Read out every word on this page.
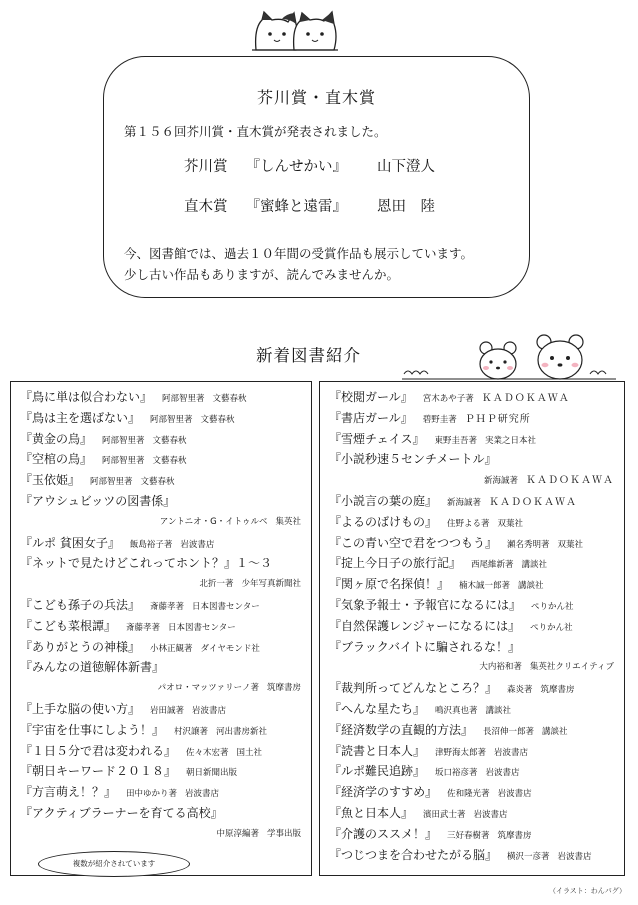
芥川賞・直木賞
第１５６回芥川賞・直木賞が発表されました。
芥川賞 『しんせかい』 山下澄人
直木賞 『蜜蜂と遠雷』 恩田　陸
今、図書館では、過去１０年間の受賞作品も展示しています。
少し古い作品もありますが、読んでみませんか。
新着図書紹介
『鳥に単は似合わない』 阿部智里著 文藝春秋
『鳥は主を選ばない』 阿部智里著 文藝春秋
『黄金の烏』 阿部智里著 文藝春秋
『空棺の烏』 阿部智里著 文藝春秋
『玉依姫』 阿部智里著 文藝春秋
『アウシュビッツの図書係』
アントニオ・G・イトゥルベ 集英社
『ルポ 貧困女子』 飯島裕子著 岩波書店
『ネットで見たけどこれってホント？』１～３
北折一著 少年写真新聞社
『こども孫子の兵法』 斎藤孝著 日本図書センター
『こども菜根譚』 斎藤孝著 日本図書センター
『ありがとうの神様』 小林正観著 ダイヤモンド社
『みんなの道徳解体新書』
パオロ・マッツァリーノ著 筑摩書房
『上手な脳の使い方』 岩田誠著 岩波書店
『宇宙を仕事にしよう！』 村沢譲著 河出書房新社
『１日５分で君は変われる』 佐々木宏著 国土社
『朝日キーワード２０１８』 朝日新聞出版
『方言萌え！？』 田中ゆかり著 岩波書店
『アクティブラーナーを育てる高校』
中原淳編著 学事出版
『校閲ガール』 宮木あや子著 ＫＡＤＯＫＡＷＡ
『書店ガール』 碧野圭著 ＰＨＰ研究所
『雪煙チェイス』 東野圭吾著 実業之日本社
『小説秒速５センチメートル』
新海誠著 ＫＡＤＯＫＡＷＡ
『小説言の葉の庭』 新海誠著 ＫＡＤＯＫＡＷＡ
『よるのばけもの』 住野よる著 双葉社
『この青い空で君をつつもう』 瀬名秀明著 双葉社
『掟上今日子の旅行記』 西尾維新著 講談社
『関ヶ原で名探偵！』 楠木誠一郎著 講談社
『気象予報士・予報官になるには』 ぺりかん社
『自然保護レンジャーになるには』 ぺりかん社
『ブラックバイトに騙されるな！』
大内裕和著 集英社クリエイティブ
『裁判所ってどんなところ？』 森炎著 筑摩書房
『へんな星たち』 鳴沢真也著 講談社
『経済数学の直観的方法』 長沼伸一郎著 講談社
『読書と日本人』 津野海太郎著 岩波書店
『ルポ難民追跡』 坂口裕彦著 岩波書店
『経済学のすすめ』 佐和隆光著 岩波書店
『魚と日本人』 濱田武士著 岩波書店
『介護のススメ！』 三好春樹著 筑摩書房
『つじつまを合わせたがる脳』 横沢一彦著 岩波書店
複数が紹介されています
（イラスト：わんパグ）
